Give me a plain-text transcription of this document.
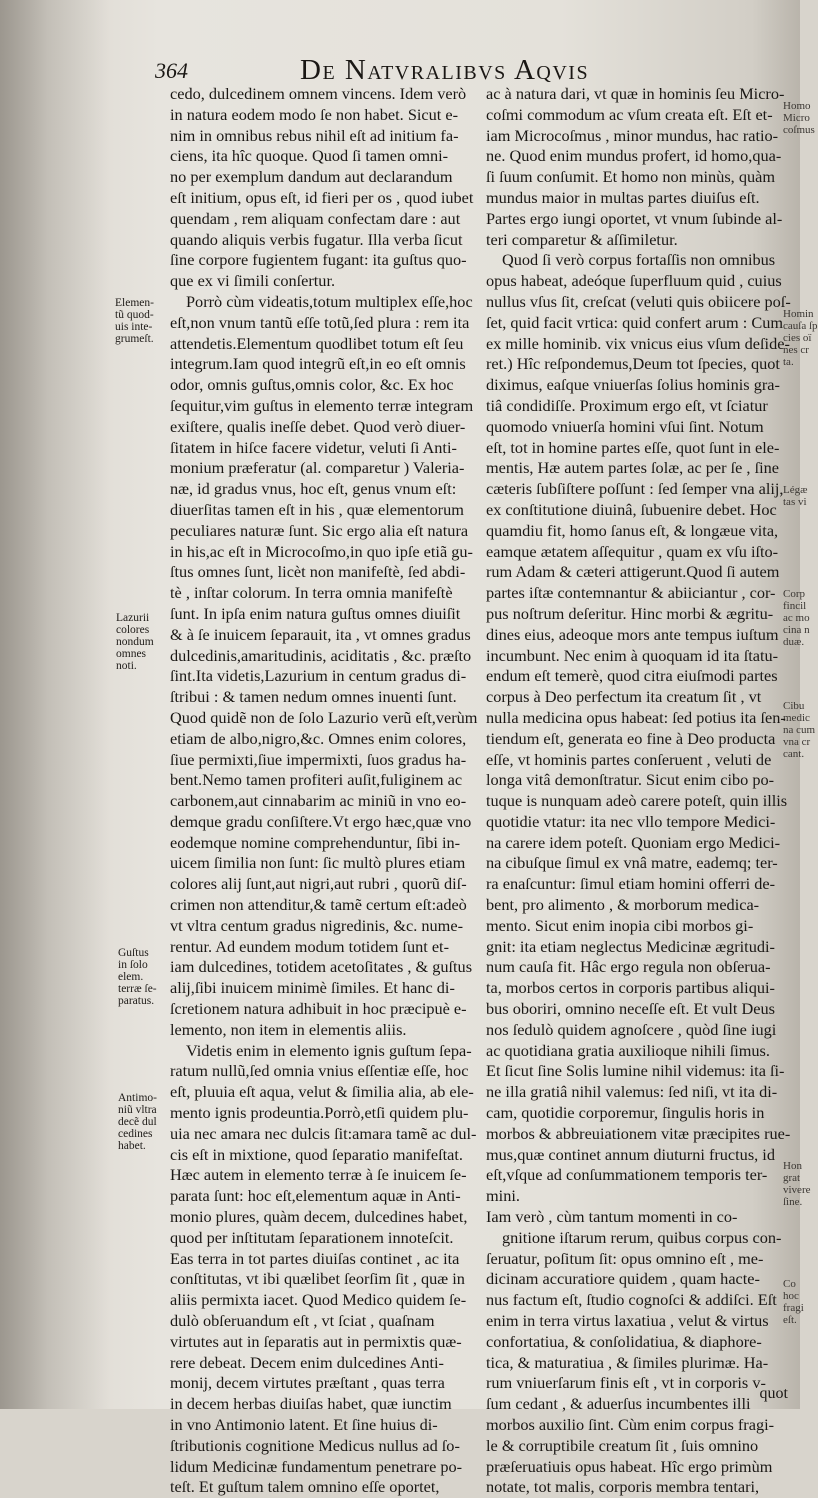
364	De Natvralibvs Aqvis
Elemen-
tũ quod-
uis inte-
grumeſt.
Lazurii
colores
nondum
omnes
noti.
Guſtus
in ſolo
elem.
terræ ſe-
paratus.
Antimo-
niũ vltra
decẽ dul
cedines
habet.
Homo
Micro
coſmus
Homin
cauſa ſp
cies oï
nes cr
ta.
Légæ
tas vi
Corp
fincil
ac mo
cina n
duæ.
Cibu
medic
na cum
vna cr
cant.
Hon
grat
vivere
ſine.
Co
hoc
fragi
eſt.
cedo, dulcedinem omnem vincens. Idem verò
in natura eodem modo ſe non habet. Sicut e-
nim in omnibus rebus nihil eſt ad initium fa-
ciens, ita hîc quoque. Quod ſi tamen omni-
no per exemplum dandum aut declarandum
eſt initium, opus eſt, id fieri per os , quod iubet
quendam , rem aliquam confectam dare : aut
quando aliquis verbis fugatur. Illa verba ſicut
ſine corpore fugientem fugant: ita guſtus quo-
que ex vi ſimili conſertur.
Porrò cùm videatis,totum multiplex eſſe,hoc
eſt,non vnum tantũ eſſe totũ,ſed plura : rem ita
attendetis.Elementum quodlibet totum eſt ſeu
integrum.Iam quod integrũ eſt,in eo eſt omnis
odor, omnis guſtus,omnis color, &c. Ex hoc
ſequitur,vim guſtus in elemento terræ integram
exiſtere, qualis ineſſe debet. Quod verò diuer-
ſitatem in hiſce facere videtur, veluti ſi Anti-
monium præferatur (al. comparetur ) Valeria-
næ, id gradus vnus, hoc eſt, genus vnum eſt:
diuerſitas tamen eſt in his , quæ elementorum
peculiares naturæ ſunt. Sic ergo alia eſt natura
in his,ac eſt in Microcoſmo,in quo ipſe etiã gu-
ſtus omnes ſunt, licèt non manifeſtè, ſed abdi-
tè , inſtar colorum. In terra omnia manifeſtè
ſunt. In ipſa enim natura guſtus omnes diuiſit
& à ſe inuicem ſeparauit, ita , vt omnes gradus
dulcedinis,amaritudinis, aciditatis , &c. præſto
ſint.Ita videtis,Lazurium in centum gradus di-
ſtribui : & tamen nedum omnes inuenti ſunt.
Quod quidẽ non de ſolo Lazurio verũ eſt,verùm
etiam de albo,nigro,&c. Omnes enim colores,
ſiue permixti,ſiue impermixti, ſuos gradus ha-
bent.Nemo tamen profiteri auſit,fuliginem ac
carbonem,aut cinnabarim ac miniũ in vno eo-
demque gradu conſiſtere.Vt ergo hæc,quæ vno
eodemque nomine comprehenduntur, ſibi in-
uicem ſimilia non ſunt: ſic multò plures etiam
colores alij ſunt,aut nigri,aut rubri , quorũ diſ-
crimen non attenditur,& tamẽ certum eſt:adeò
vt vltra centum gradus nigredinis, &c. nume-
rentur. Ad eundem modum totidem ſunt et-
iam dulcedines, totidem acetoſitates , & guſtus
alij,ſibi inuicem minimè ſimiles. Et hanc di-
ſcretionem natura adhibuit in hoc præcipuè e-
lemento, non item in elementis aliis.
Videtis enim in elemento ignis guſtum ſepa-
ratum nullũ,ſed omnia vnius eſſentiæ eſſe, hoc
eſt, pluuia eſt aqua, velut & ſimilia alia, ab ele-
mento ignis prodeuntia.Porrò,etſi quidem plu-
uia nec amara nec dulcis ſit:amara tamẽ ac dul-
cis eſt in mixtione, quod ſeparatio manifeſtat.
Hæc autem in elemento terræ à ſe inuicem ſe-
parata ſunt: hoc eſt,elementum aquæ in Anti-
monio plures, quàm decem, dulcedines habet,
quod per inſtitutam ſeparationem innoteſcit.
Eas terra in tot partes diuiſas continet , ac ita
conſtitutas, vt ibi quælibet ſeorſim ſit , quæ in
aliis permixta iacet. Quod Medico quidem ſe-
dulò obſeruandum eſt , vt ſciat , quaſnam
virtutes aut in ſeparatis aut in permixtis quæ-
rere debeat. Decem enim dulcedines Anti-
monij, decem virtutes præſtant , quas terra
in decem herbas diuiſas habet, quæ iunctim
in vno Antimonio latent. Et ſine huius di-
ſtributionis cognitione Medicus nullus ad ſo-
lidum Medicinæ fundamentum penetrare po-
teſt. Et guſtum talem omnino eſſe oportet,
ac à natura dari, vt quæ in hominis ſeu Micro-
coſmi commodum ac vſum creata eſt. Eſt et-
iam Microcoſmus , minor mundus, hac ratio-
ne. Quod enim mundus profert, id homo,qua-
ſi ſuum conſumit. Et homo non minùs, quàm
mundus maior in multas partes diuiſus eſt.
Partes ergo iungi oportet, vt vnum ſubinde al-
teri comparetur & aſſimiletur.
Quod ſi verò corpus fortaſſis non omnibus
opus habeat, adeóque ſuperfluum quid , cuius
nullus vſus ſit, creſcat (veluti quis obiicere poſ-
ſet, quid facit vrtica: quid confert arum : Cum
ex mille hominib. vix vnicus eius vſum deſide-
ret.) Hîc reſpondemus,Deum tot ſpecies, quot
diximus, eaſque vniuerſas ſolius hominis gra-
tiâ condidiſſe. Proximum ergo eſt, vt ſciatur
quomodo vniuerſa homini vſui ſint. Notum
eſt, tot in homine partes eſſe, quot ſunt in ele-
mentis, Hæ autem partes ſolæ, ac per ſe , ſine
cæteris ſubſiſtere poſſunt : ſed ſemper vna alij,
ex conſtitutione diuinâ, ſubuenire debet. Hoc
quamdiu fit, homo ſanus eſt, & longæue vita,
eamque ætatem aſſequitur , quam ex vſu iſto-
rum Adam & cæteri attigerunt.Quod ſi autem
partes iſtæ contemnantur & abiiciantur , cor-
pus noſtrum deſeritur. Hinc morbi & ægritu-
dines eius, adeoque mors ante tempus iuſtum
incumbunt. Nec enim à quoquam id ita ſtatu-
endum eſt temerè, quod citra eiuſmodi partes
corpus à Deo perfectum ita creatum ſit , vt
nulla medicina opus habeat: ſed potius ita ſen-
tiendum eſt, generata eo fine à Deo producta
eſſe, vt hominis partes conſeruent , veluti de
longa vitâ demonſtratur. Sicut enim cibo po-
tuque is nunquam adeò carere poteſt, quin illis
quotidie vtatur: ita nec vllo tempore Medici-
na carere idem poteſt. Quoniam ergo Medici-
na cibuſque ſimul ex vnâ matre, eademq; ter-
ra enaſcuntur: ſimul etiam homini offerri de-
bent, pro alimento , & morborum medica-
mento. Sicut enim inopia cibi morbos gi-
gnit: ita etiam neglectus Medicinæ ægritudi-
num cauſa fit. Hâc ergo regula non obſerua-
ta, morbos certos in corporis partibus aliqui-
bus oboriri, omnino neceſſe eſt. Et vult Deus
nos ſedulò quidem agnoſcere , quòd ſine iugi
ac quotidiana gratia auxilioque nihili ſimus.
Et ſicut ſine Solis lumine nihil videmus: ita ſi-
ne illa gratiâ nihil valemus: ſed niſi, vt ita di-
cam, quotidie corporemur, ſingulis horis in
morbos & abbreuiationem vitæ præcipites rue-
mus,quæ continet annum diuturni fructus, id
eſt,vſque ad conſummationem temporis ter-
mini.
Iam verò , cùm tantum momenti in co-
gnitione iſtarum rerum, quibus corpus con-
ſeruatur, poſitum ſit: opus omnino eſt , me-
dicinam accuratiore quidem , quam hacte-
nus factum eſt, ſtudio cognoſci & addiſci. Eſt
enim in terra virtus laxatiua , velut & virtus
confortatiua, & conſolidatiua, & diaphore-
tica, & maturatiua , & ſimiles plurimæ. Ha-
rum vniuerſarum finis eſt , vt in corporis v-
ſum cedant , & aduerſus incumbentes illi
morbos auxilio ſint. Cùm enim corpus fragi-
le & corruptibile creatum ſit , ſuis omnino
præſeruatiuis opus habeat. Hîc ergo primùm
notate, tot malis, corporis membra tentari,
quot
